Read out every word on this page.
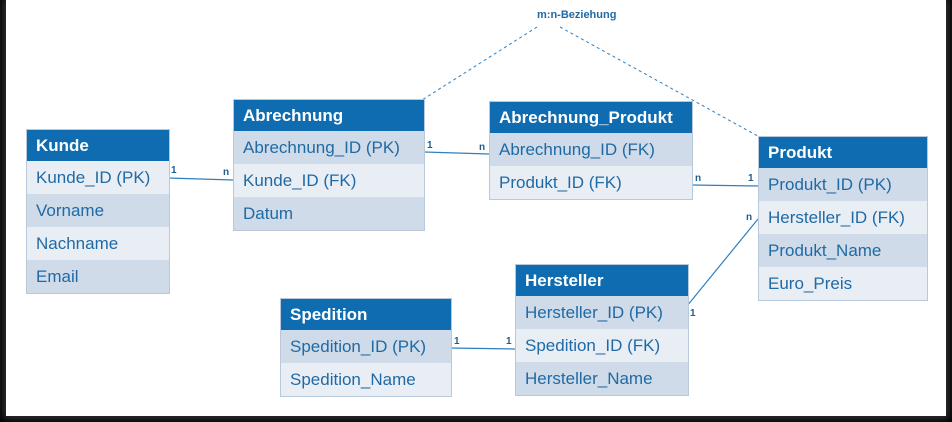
m:n-Beziehung
Kunde
Kunde_ID (PK)
Vorname
Nachname
Email
Abrechnung
Abrechnung_ID (PK)
Kunde_ID (FK)
Datum
Abrechnung_Produkt
Abrechnung_ID (FK)
Produkt_ID (FK)
Produkt
Produkt_ID (PK)
Hersteller_ID (FK)
Produkt_Name
Euro_Preis
Hersteller
Hersteller_ID (PK)
Spedition_ID (FK)
Hersteller_Name
Spedition
Spedition_ID (PK)
Spedition_Name
1	n
1	n
n	1
n
1
1	1
